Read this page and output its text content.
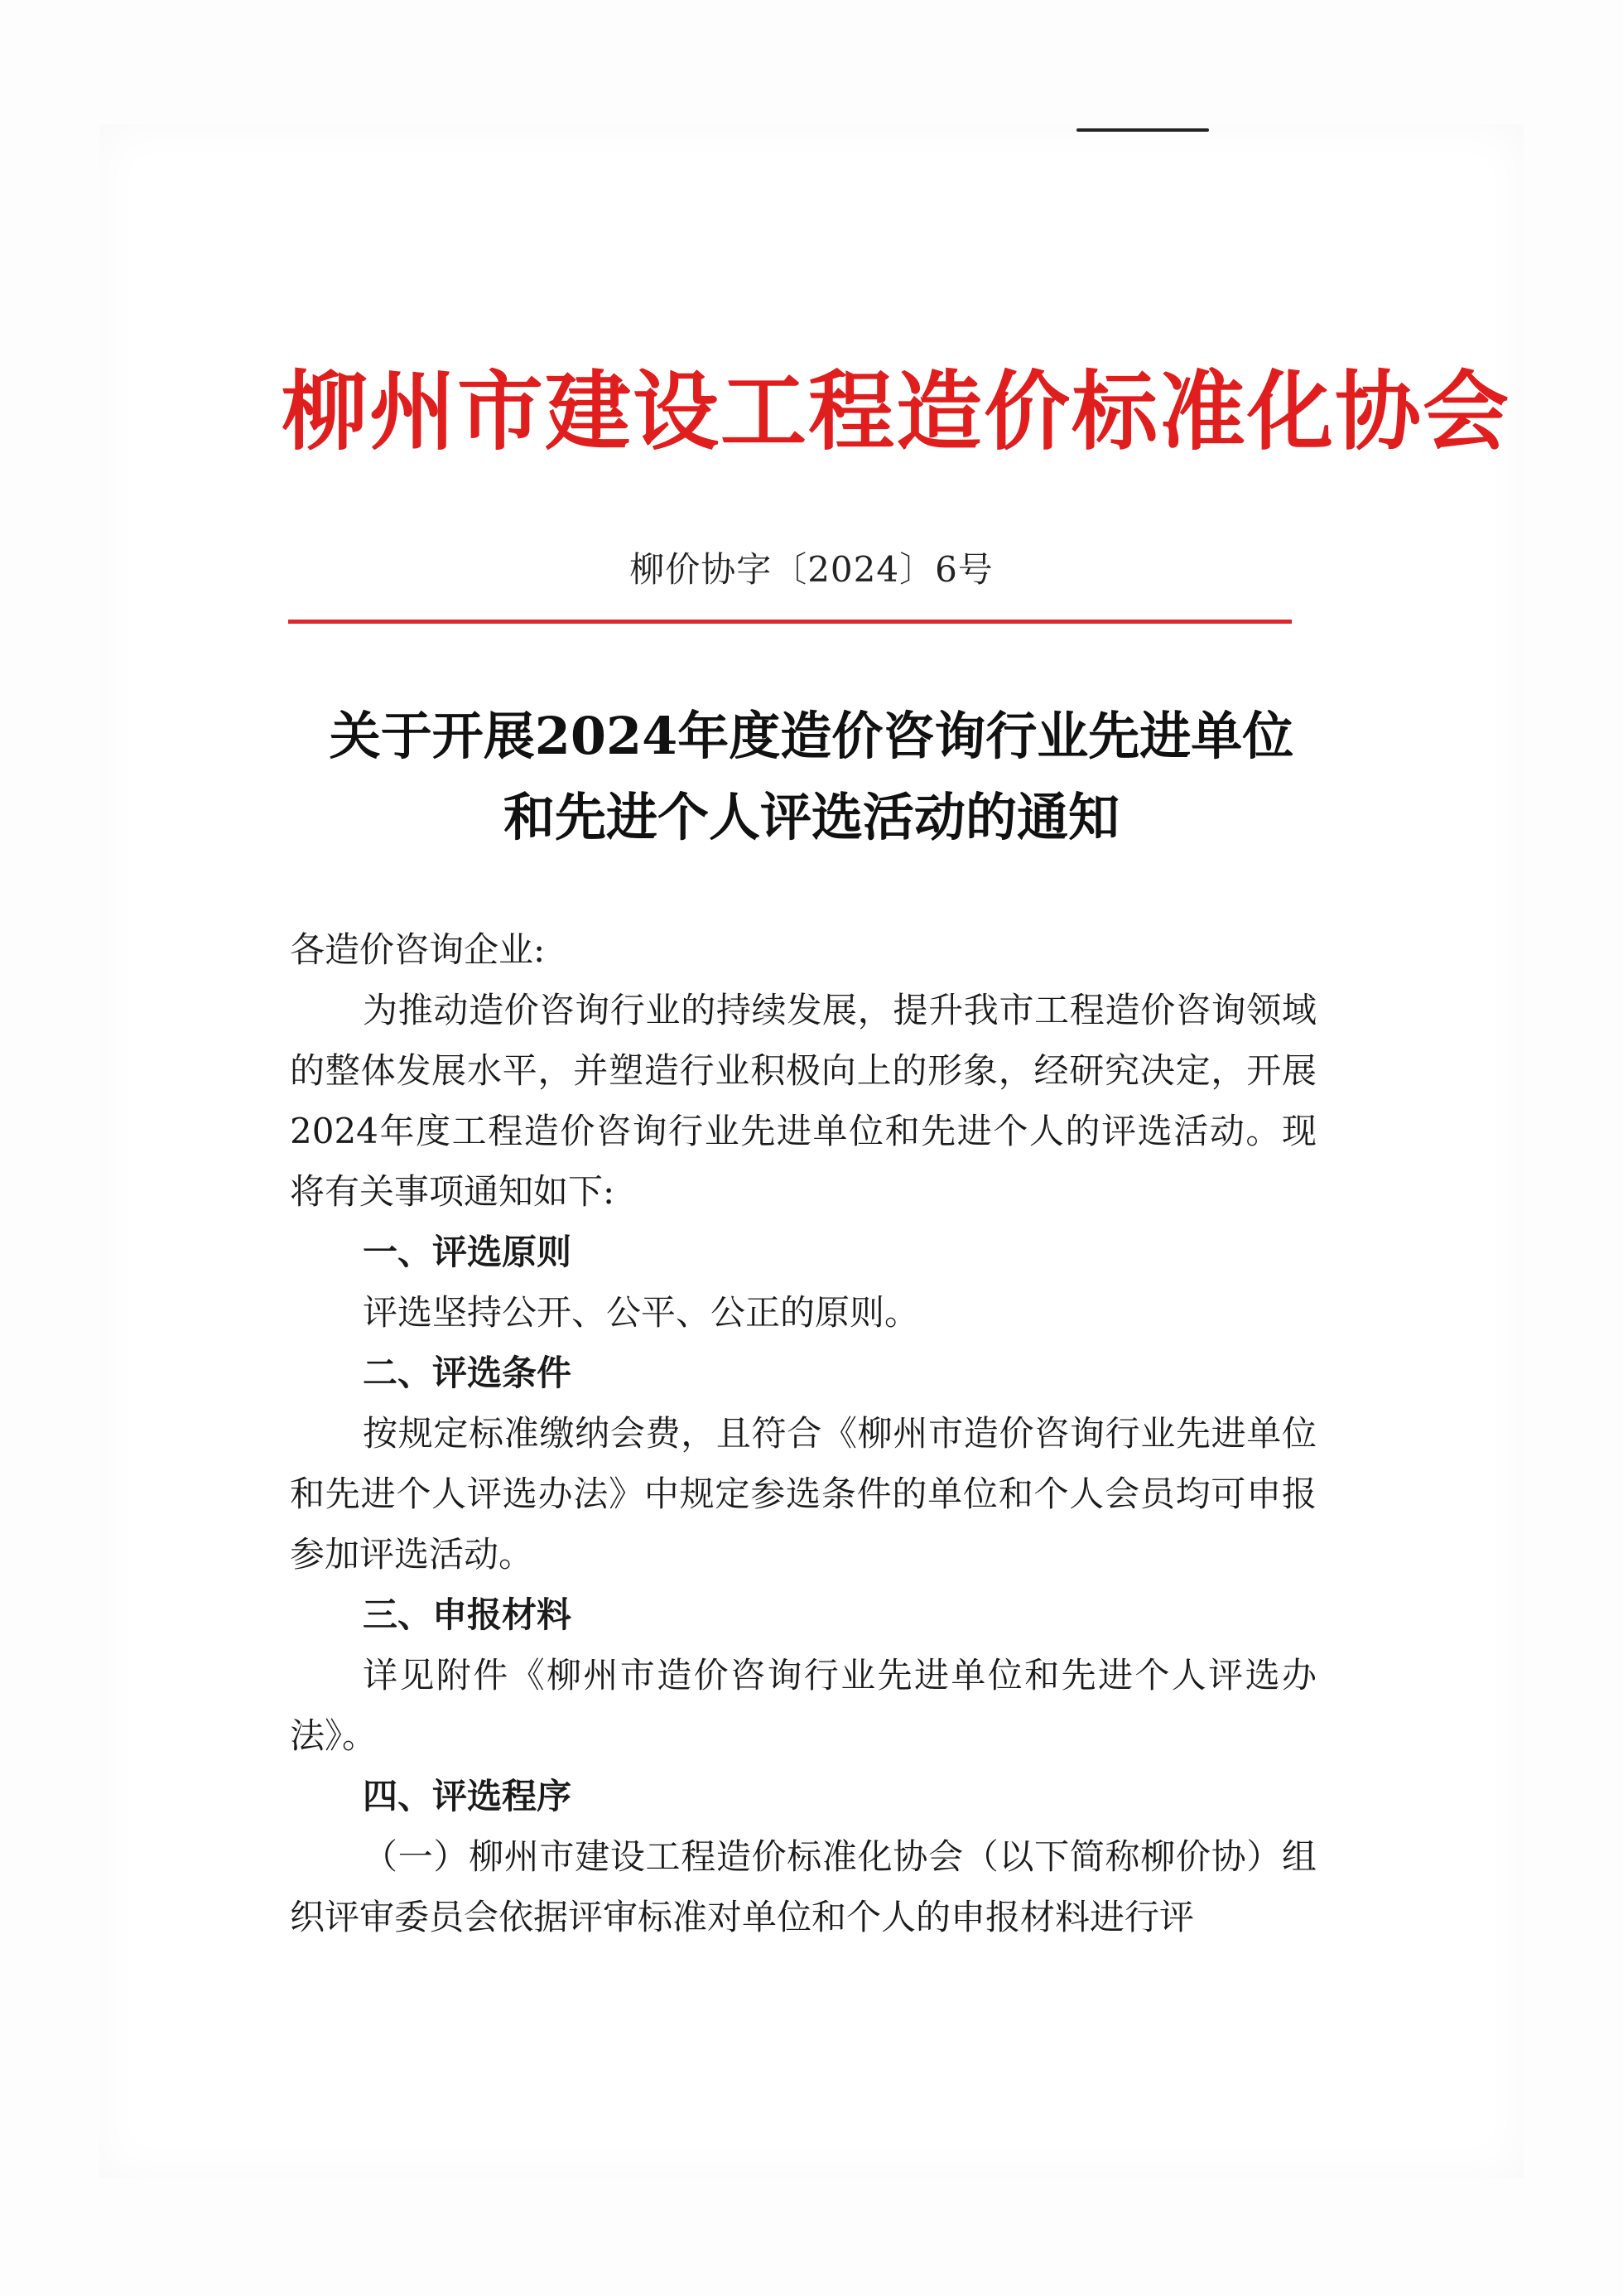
柳州市建设工程造价标准化协会
柳价协字〔2024〕6号
关于开展2024年度造价咨询行业先进单位
和先进个人评选活动的通知

各造价咨询企业:

为推动造价咨询行业的持续发展，提升我市工程造价咨询领域的整体发展水平，并塑造行业积极向上的形象，经研究决定，开展2024年度工程造价咨询行业先进单位和先进个人的评选活动。现将有关事项通知如下:

一、评选原则

评选坚持公开、公平、公正的原则。

二、评选条件

按规定标准缴纳会费，且符合《柳州市造价咨询行业先进单位和先进个人评选办法》中规定参选条件的单位和个人会员均可申报参加评选活动。

三、申报材料

详见附件《柳州市造价咨询行业先进单位和先进个人评选办法》。

四、评选程序

（一）柳州市建设工程造价标准化协会（以下简称柳价协）组织评审委员会依据评审标准对单位和个人的申报材料进行评
